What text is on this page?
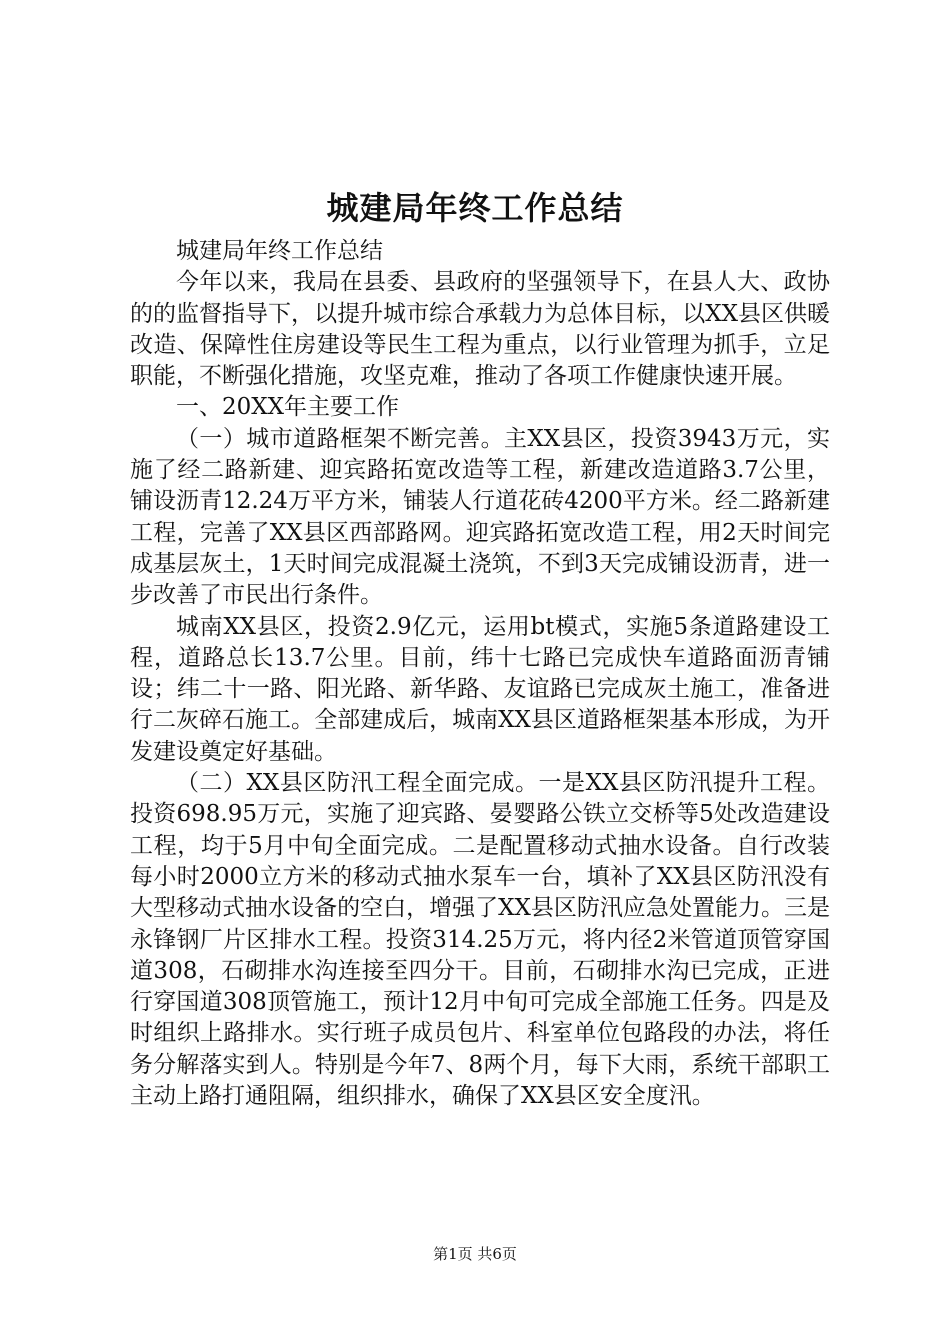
城建局年终工作总结

城建局年终工作总结

今年以来，我局在县委、县政府的坚强领导下，在县人大、政协的的监督指导下，以提升城市综合承载力为总体目标，以XX县区供暖改造、保障性住房建设等民生工程为重点，以行业管理为抓手，立足职能，不断强化措施，攻坚克难，推动了各项工作健康快速开展。

一、20XX年主要工作

（一）城市道路框架不断完善。主XX县区，投资3943万元，实施了经二路新建、迎宾路拓宽改造等工程，新建改造道路3.7公里，铺设沥青12.24万平方米，铺装人行道花砖4200平方米。经二路新建工程，完善了XX县区西部路网。迎宾路拓宽改造工程，用2天时间完成基层灰土，1天时间完成混凝土浇筑，不到3天完成铺设沥青，进一步改善了市民出行条件。

城南XX县区，投资2.9亿元，运用bt模式，实施5条道路建设工程，道路总长13.7公里。目前，纬十七路已完成快车道路面沥青铺设；纬二十一路、阳光路、新华路、友谊路已完成灰土施工，准备进行二灰碎石施工。全部建成后，城南XX县区道路框架基本形成，为开发建设奠定好基础。

（二）XX县区防汛工程全面完成。一是XX县区防汛提升工程。投资698.95万元，实施了迎宾路、晏婴路公铁立交桥等5处改造建设工程，均于5月中旬全面完成。二是配置移动式抽水设备。自行改装每小时2000立方米的移动式抽水泵车一台，填补了XX县区防汛没有大型移动式抽水设备的空白，增强了XX县区防汛应急处置能力。三是永锋钢厂片区排水工程。投资314.25万元，将内径2米管道顶管穿国道308，石砌排水沟连接至四分干。目前，石砌排水沟已完成，正进行穿国道308顶管施工，预计12月中旬可完成全部施工任务。四是及时组织上路排水。实行班子成员包片、科室单位包路段的办法，将任务分解落实到人。特别是今年7、8两个月，每下大雨，系统干部职工主动上路打通阻隔，组织排水，确保了XX县区安全度汛。

第1页 共6页
